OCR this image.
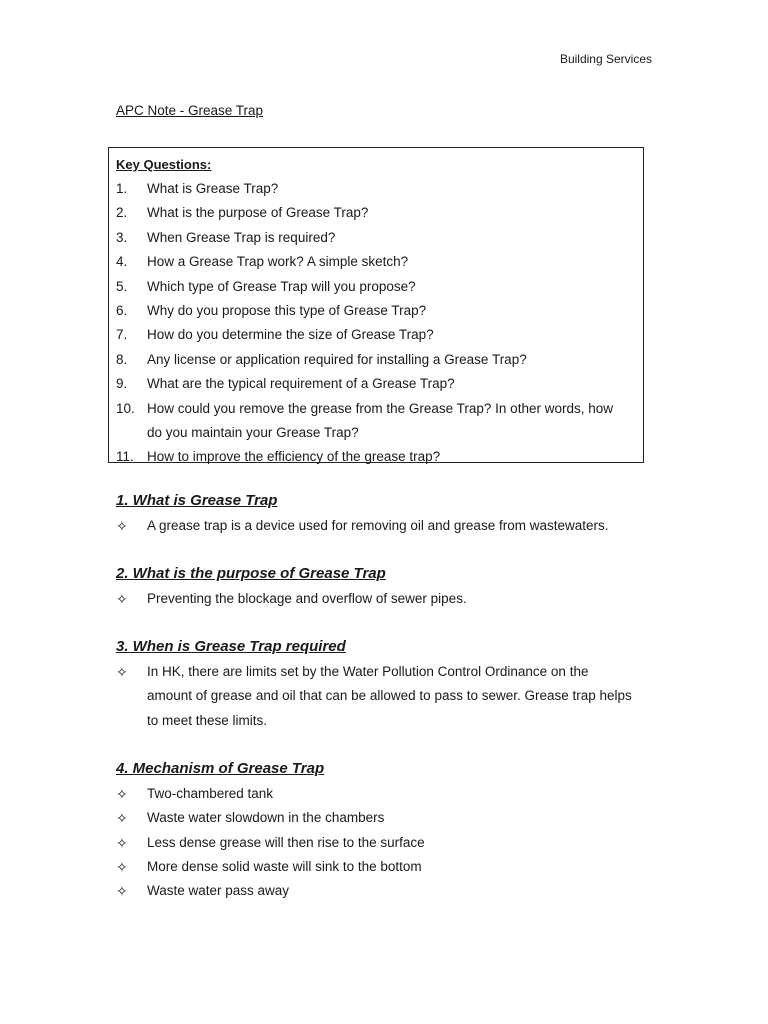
Building Services
APC Note - Grease Trap
Key Questions:
1.	What is Grease Trap?
2.	What is the purpose of Grease Trap?
3.	When Grease Trap is required?
4.	How a Grease Trap work? A simple sketch?
5.	Which type of Grease Trap will you propose?
6.	Why do you propose this type of Grease Trap?
7.	How do you determine the size of Grease Trap?
8.	Any license or application required for installing a Grease Trap?
9.	What are the typical requirement of a Grease Trap?
10. How could you remove the grease from the Grease Trap? In other words, how do you maintain your Grease Trap?
11. How to improve the efficiency of the grease trap?
1. What is Grease Trap
✧	A grease trap is a device used for removing oil and grease from wastewaters.
2. What is the purpose of Grease Trap
✧	Preventing the blockage and overflow of sewer pipes.
3. When is Grease Trap required
✧	In HK, there are limits set by the Water Pollution Control Ordinance on the amount of grease and oil that can be allowed to pass to sewer. Grease trap helps to meet these limits.
4. Mechanism of Grease Trap
✧	Two-chambered tank
✧	Waste water slowdown in the chambers
✧	Less dense grease will then rise to the surface
✧	More dense solid waste will sink to the bottom
✧	Waste water pass away
